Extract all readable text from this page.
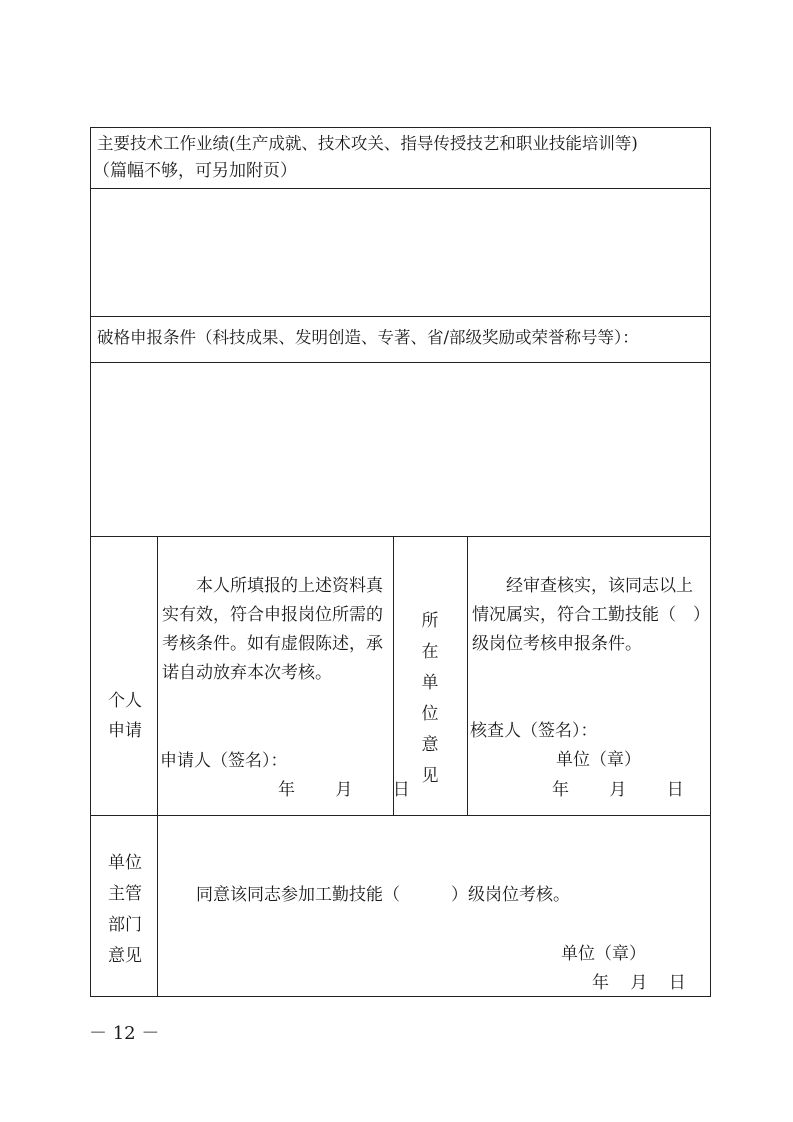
主要技术工作业绩(生产成就、技术攻关、指导传授技艺和职业技能培训等)
（篇幅不够，可另加附页）
破格申报条件（科技成果、发明创造、专著、省/部级奖励或荣誉称号等）：
个人
申请
本人所填报的上述资料真实有效，符合申报岗位所需的考核条件。如有虚假陈述，承诺自动放弃本次考核。
申请人（签名）：
年　 月　 日
所
在
单
位
意
见
经审查核实，该同志以上情况属实，符合工勤技能（　）级岗位考核申报条件。
核查人（签名）：
单位（章）
年　 月　 日
单位
主管
部门
意见
同意该同志参加工勤技能（　　　）级岗位考核。
单位（章）
年 月 日
－ 12 －
